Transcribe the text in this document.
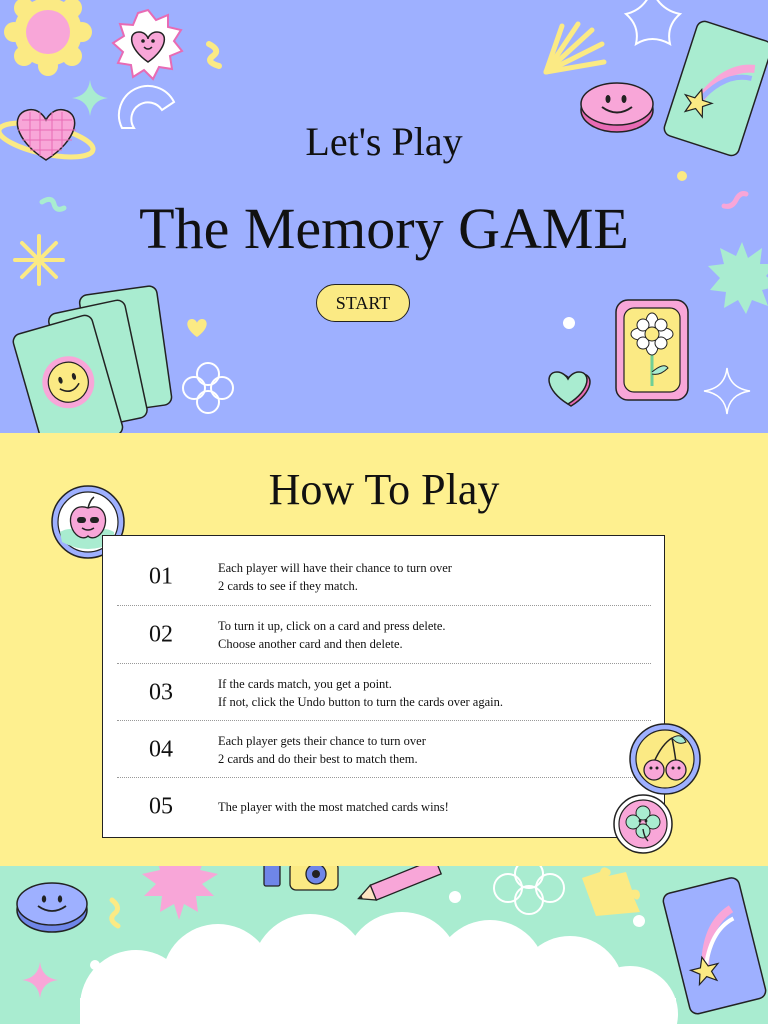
Let's Play
The Memory GAME
START
How To Play
01	Each player will have their chance to turn over
2 cards to see if they match.
02	To turn it up, click on a card and press delete.
Choose another card and then delete.
03	If the cards match, you get a point.
If not, click the Undo button to turn the cards over again.
04	Each player gets their chance to turn over
2 cards and do their best to match them.
05	The player with the most matched cards wins!
